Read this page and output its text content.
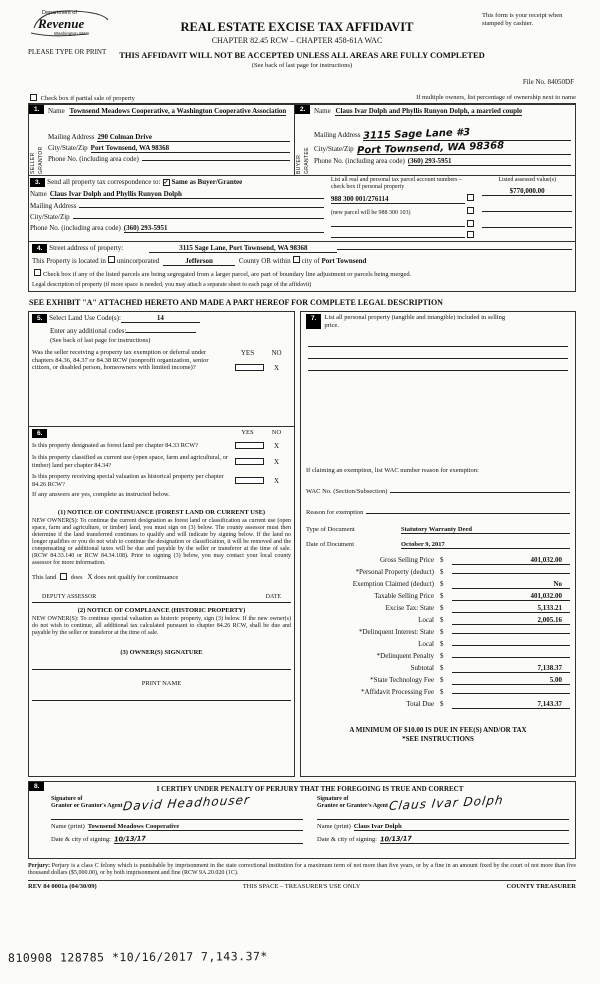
Department of
Revenue
Washington State
PLEASE TYPE OR PRINT
REAL ESTATE EXCISE TAX AFFIDAVIT
CHAPTER 82.45 RCW – CHAPTER 458-61A WAC
This form is your receipt when stamped by cashier.
THIS AFFIDAVIT WILL NOT BE ACCEPTED UNLESS ALL AREAS ARE FULLY COMPLETED
(See back of last page for instructions)
File No. 84050DF
Check box if partial sale of property	If multiple owners, list percentage of ownership next to name
1.
SELLER GRANTOR
Name Townsend Meadows Cooperative, a Washington Cooperative Association
Mailing Address 290 Colman Drive
City/State/Zip Port Townsend, WA 98368
Phone No. (including area code)
2.
BUYER GRANTEE
Name Claus Ivar Dolph and Phyllis Runyon Dolph, a married couple
Mailing Address 3115 Sage Lane #3
City/State/Zip Port Townsend, WA 98368
Phone No. (including area code) (360) 293-5951
3.
Send all property tax correspondence to: ✓ Same as Buyer/Grantee
Name Claus Ivar Dolph and Phyllis Runyon Dolph
Mailing Address
City/State/Zip
Phone No. (including area code) (360) 293-5951
List all real and personal tax parcel account numbers – check box if personal property
988 300 001/276114
(new parcel will be 988 300 103)
Listed assessed value(s)
$770,000.00
4.
Street address of property:	3115 Sage Lane, Port Townsend, WA 98368
This Property is located in unincorporated	Jefferson	County OR within city of
Port Townsend
Check box if any of the listed parcels are being segregated from a larger parcel, are part of boundary line adjustment or parcels being merged.
Legal description of property (if more space is needed, you may attach a separate sheet to each page of the affidavit)
SEE EXHIBIT "A" ATTACHED HERETO AND MADE A PART HEREOF FOR COMPLETE LEGAL DESCRIPTION
5.
Select Land Use Code(s):	14
Enter any additional codes:
(See back of last page for instructions)
Was the seller receiving a property tax exemption or deferral under chapters 84.36, 84.37 or 84.38 RCW (nonprofit organization, senior citizen, or disabled person, homeowners with limited income)?
YES	NO
X
6.	YES	NO
Is this property designated as forest land per chapter 84.33 RCW?	X
Is this property classified as current use (open space, farm and agricultural, or timber) land per chapter 84.34?	X
Is this property receiving special valuation as historical property per chapter 84.26 RCW?	X
If any answers are yes, complete as instructed below.
(1) NOTICE OF CONTINUANCE (FOREST LAND OR CURRENT USE)
NEW OWNER(S): To continue the current designation as forest land or classification as current use (open space, farm and agriculture, or timber) land, you must sign on (3) below. The county assessor must then determine if the land transferred continues to qualify and will indicate by signing below. If the land no longer qualifies or you do not wish to continue the designation or classification, it will be removed and the compensating or additional taxes will be due and payable by the seller or transferor at the time of sale. (RCW 84.33.140 or RCW 84.34.108). Prior to signing (3) below, you may contact your local county assessor for more information.
This land does X does not qualify for continuance
DEPUTY ASSESSOR	DATE
(2) NOTICE OF COMPLIANCE (HISTORIC PROPERTY)
NEW OWNER(S): To continue special valuation as historic property, sign (3) below. If the new owner(s) do not wish to continue, all additional tax calculated pursuant to chapter 84.26 RCW, shall be due and payable by the seller or transferor at the time of sale.
(3) OWNER(S) SIGNATURE
PRINT NAME
7.	List all personal property (tangible and intangible) included in selling price.
If claiming an exemption, list WAC number reason for exemption:
WAC No. (Section/Subsection)
Reason for exemption
Type of Document	Statutory Warranty Deed
Date of Document	October 9, 2017
Gross Selling Price $	401,032.00
*Personal Property (deduct) $
Exemption Claimed (deduct) $	No
Taxable Selling Price $	401,032.00
Excise Tax: State $	5,133.21
Local $	2,005.16
*Delinquent Interest: State $
Local $
*Delinquent Penalty $
Subtotal $	7,138.37
*State Technology Fee $	5.00
*Affidavit Processing Fee $
Total Due $	7,143.37
A MINIMUM OF $10.00 IS DUE IN FEE(S) AND/OR TAX
*SEE INSTRUCTIONS
8.	I CERTIFY UNDER PENALTY OF PERJURY THAT THE FOREGOING IS TRUE AND CORRECT
Signature of
Grantor or Grantor's Agent David Headhouser
Name (print) Townsend Meadows Cooperative
Date & city of signing: 10/13/17
Signature of
Grantee or Grantee's Agent Claus Ivar Dolph
Name (print) Claus Ivar Dolph
Date & city of signing: 10/13/17
Perjury: Perjury is a class C felony which is punishable by imprisonment in the state correctional institution for a maximum term of not more than five years, or by a fine in an amount fixed by the court of not more than five thousand dollars ($5,000.00), or by both imprisonment and fine (RCW 9A.20.020 (1C).
REV 84 0001a (04/30/09)	THIS SPACE – TREASURER'S USE ONLY	COUNTY TREASURER
810908 128785 *10/16/2017 7,143.37*
